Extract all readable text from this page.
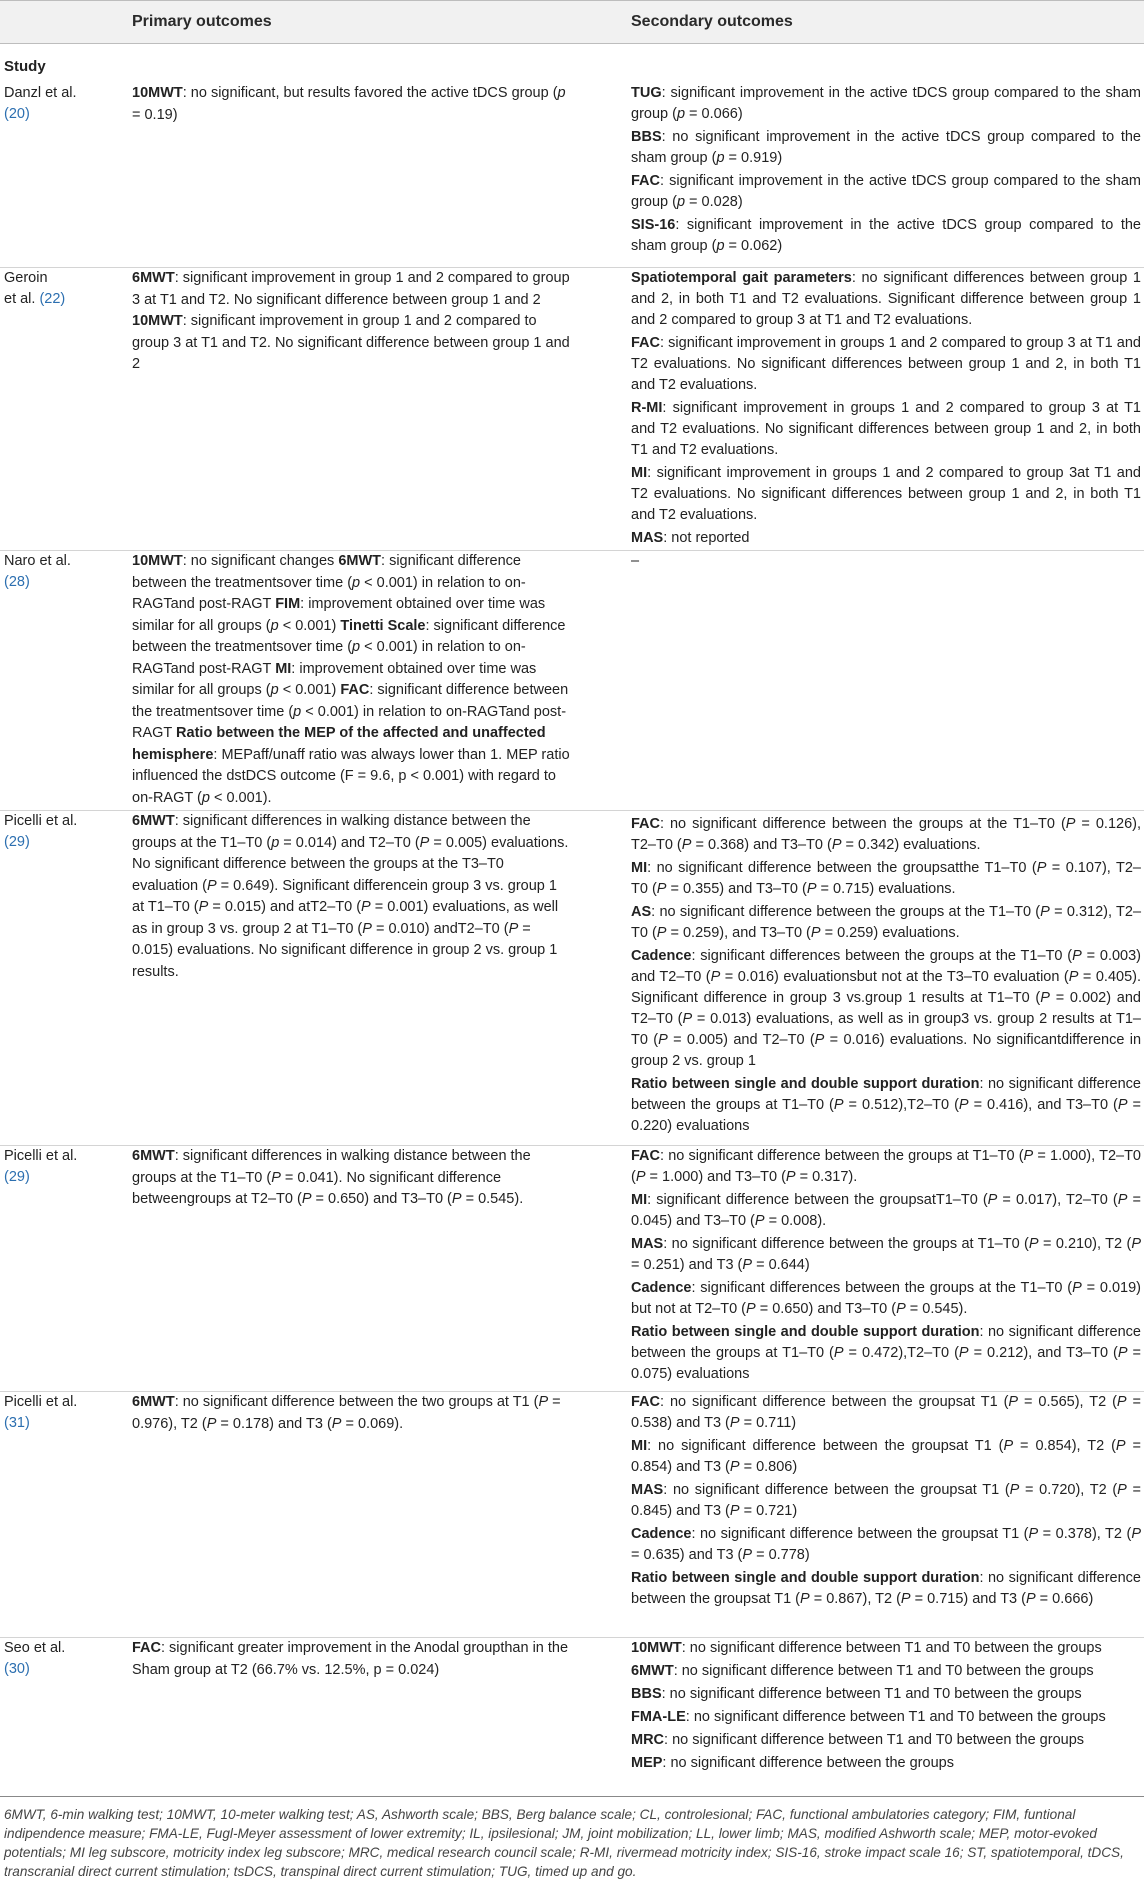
Primary outcomes	Secondary outcomes
Study
Danzl et al.
(20)
10MWT: no significant, but results favored the active tDCS group (p = 0.19)

TUG: significant improvement in the active tDCS group compared to the sham group (p = 0.066)

BBS: no significant improvement in the active tDCS group compared to the sham group (p = 0.919)

FAC: significant improvement in the active tDCS group compared to the sham group (p = 0.028)

SIS-16: significant improvement in the active tDCS group compared to the sham group (p = 0.062)

Geroin
et al. (22)
6MWT: significant improvement in group 1 and 2 compared to group 3 at T1 and T2. No significant difference between group 1 and 2 10MWT: significant improvement in group 1 and 2 compared to group 3 at T1 and T2. No significant difference between group 1 and 2

Spatiotemporal gait parameters: no significant differences between group 1 and 2, in both T1 and T2 evaluations. Significant difference between group 1 and 2 compared to group 3 at T1 and T2 evaluations.

FAC: significant improvement in groups 1 and 2 compared to group 3 at T1 and T2 evaluations. No significant differences between group 1 and 2, in both T1 and T2 evaluations.

R-MI: significant improvement in groups 1 and 2 compared to group 3 at T1 and T2 evaluations. No significant differences between group 1 and 2, in both T1 and T2 evaluations.

MI: significant improvement in groups 1 and 2 compared to group 3at T1 and T2 evaluations. No significant differences between group 1 and 2, in both T1 and T2 evaluations.

MAS: not reported

Naro et al.
(28)
10MWT: no significant changes 6MWT: significant difference between the treatmentsover time (p < 0.001) in relation to on-RAGTand post-RAGT FIM: improvement obtained over time was similar for all groups (p < 0.001) Tinetti Scale: significant difference between the treatmentsover time (p < 0.001) in relation to on-RAGTand post-RAGT MI: improvement obtained over time was similar for all groups (p < 0.001) FAC: significant difference between the treatmentsover time (p < 0.001) in relation to on-RAGTand post-RAGT Ratio between the MEP of the affected and unaffected hemisphere: MEPaff/unaff ratio was always lower than 1. MEP ratio influenced the dstDCS outcome (F = 9.6, p < 0.001) with regard to on-RAGT (p < 0.001).

–

Picelli et al.
(29)
6MWT: significant differences in walking distance between the groups at the T1–T0 (p = 0.014) and T2–T0 (P = 0.005) evaluations. No significant difference between the groups at the T3–T0 evaluation (P = 0.649). Significant differencein group 3 vs. group 1 at T1–T0 (P = 0.015) and atT2–T0 (P = 0.001) evaluations, as well as in group 3 vs. group 2 at T1–T0 (P = 0.010) andT2–T0 (P = 0.015) evaluations. No significant difference in group 2 vs. group 1 results.

FAC: no significant difference between the groups at the T1–T0 (P = 0.126), T2–T0 (P = 0.368) and T3–T0 (P = 0.342) evaluations.

MI: no significant difference between the groupsatthe T1–T0 (P = 0.107), T2–T0 (P = 0.355) and T3–T0 (P = 0.715) evaluations.

AS: no significant difference between the groups at the T1–T0 (P = 0.312), T2–T0 (P = 0.259), and T3–T0 (P = 0.259) evaluations.

Cadence: significant differences between the groups at the T1–T0 (P = 0.003) and T2–T0 (P = 0.016) evaluationsbut not at the T3–T0 evaluation (P = 0.405). Significant difference in group 3 vs.group 1 results at T1–T0 (P = 0.002) and T2–T0 (P = 0.013) evaluations, as well as in group3 vs. group 2 results at T1–T0 (P = 0.005) and T2–T0 (P = 0.016) evaluations. No significantdifference in group 2 vs. group 1

Ratio between single and double support duration: no significant difference between the groups at T1–T0 (P = 0.512),T2–T0 (P = 0.416), and T3–T0 (P = 0.220) evaluations

Picelli et al.
(29)
6MWT: significant differences in walking distance between the groups at the T1–T0 (P = 0.041). No significant difference betweengroups at T2–T0 (P = 0.650) and T3–T0 (P = 0.545).

FAC: no significant difference between the groups at T1–T0 (P = 1.000), T2–T0 (P = 1.000) and T3–T0 (P = 0.317).

MI: significant difference between the groupsatT1–T0 (P = 0.017), T2–T0 (P = 0.045) and T3–T0 (P = 0.008).

MAS: no significant difference between the groups at T1–T0 (P = 0.210), T2 (P = 0.251) and T3 (P = 0.644)

Cadence: significant differences between the groups at the T1–T0 (P = 0.019) but not at T2–T0 (P = 0.650) and T3–T0 (P = 0.545).

Ratio between single and double support duration: no significant difference between the groups at T1–T0 (P = 0.472),T2–T0 (P = 0.212), and T3–T0 (P = 0.075) evaluations

Picelli et al.
(31)
6MWT: no significant difference between the two groups at T1 (P = 0.976), T2 (P = 0.178) and T3 (P = 0.069).

FAC: no significant difference between the groupsat T1 (P = 0.565), T2 (P = 0.538) and T3 (P = 0.711)

MI: no significant difference between the groupsat T1 (P = 0.854), T2 (P = 0.854) and T3 (P = 0.806)

MAS: no significant difference between the groupsat T1 (P = 0.720), T2 (P = 0.845) and T3 (P = 0.721)

Cadence: no significant difference between the groupsat T1 (P = 0.378), T2 (P = 0.635) and T3 (P = 0.778)

Ratio between single and double support duration: no significant difference between the groupsat T1 (P = 0.867), T2 (P = 0.715) and T3 (P = 0.666)

Seo et al.
(30)
FAC: significant greater improvement in the Anodal groupthan in the Sham group at T2 (66.7% vs. 12.5%, p = 0.024)

10MWT: no significant difference between T1 and T0 between the groups

6MWT: no significant difference between T1 and T0 between the groups

BBS: no significant difference between T1 and T0 between the groups

FMA-LE: no significant difference between T1 and T0 between the groups

MRC: no significant difference between T1 and T0 between the groups

MEP: no significant difference between the groups

6MWT, 6-min walking test; 10MWT, 10-meter walking test; AS, Ashworth scale; BBS, Berg balance scale; CL, controlesional; FAC, functional ambulatories category; FIM, funtional indipendence measure; FMA-LE, Fugl-Meyer assessment of lower extremity; IL, ipsilesional; JM, joint mobilization; LL, lower limb; MAS, modified Ashworth scale; MEP, motor-evoked potentials; MI leg subscore, motricity index leg subscore; MRC, medical research council scale; R-MI, rivermead motricity index; SIS-16, stroke impact scale 16; ST, spatiotemporal, tDCS, transcranial direct current stimulation; tsDCS, transpinal direct current stimulation; TUG, timed up and go.
